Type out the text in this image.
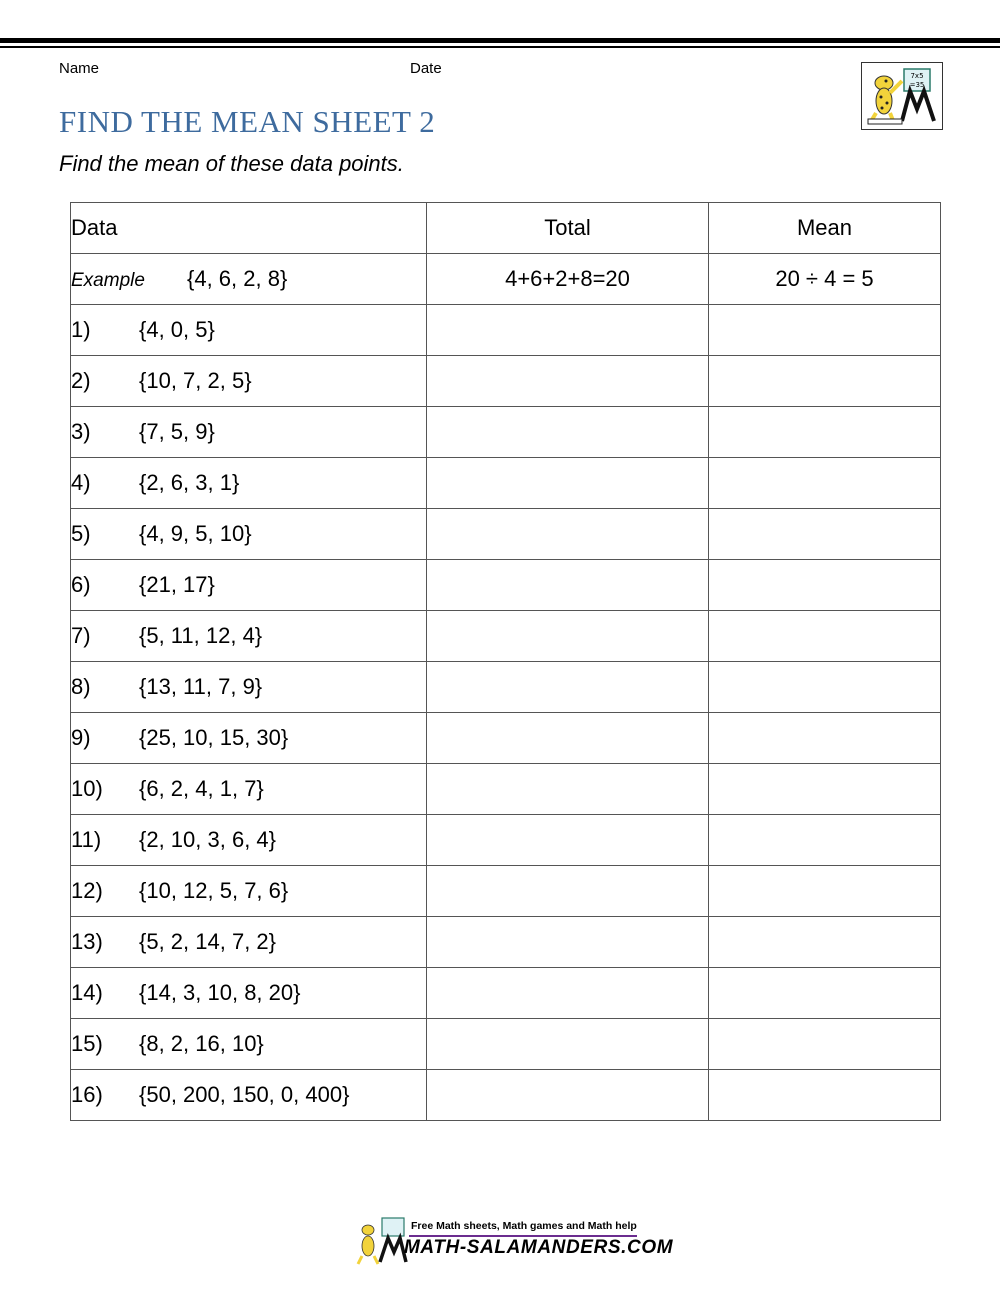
Name	Date	7x5
=35
FIND THE MEAN SHEET 2
Find the mean of these data points.
Data	Total	Mean
Example {4, 6, 2, 8}	4+6+2+8=20	20 ÷ 4 = 5
1) {4, 0, 5}		
2) {10, 7, 2, 5}		
3) {7, 5, 9}		
4) {2, 6, 3, 1}		
5) {4, 9, 5, 10}		
6) {21, 17}		
7) {5, 11, 12, 4}		
8) {13, 11, 7, 9}		
9) {25, 10, 15, 30}		
10) {6, 2, 4, 1, 7}		
11) {2, 10, 3, 6, 4}		
12) {10, 12, 5, 7, 6}		
13) {5, 2, 14, 7, 2}		
14) {14, 3, 10, 8, 20}		
15) {8, 2, 16, 10}		
16) {50, 200, 150, 0, 400}		
Free Math sheets, Math games and Math help
MATH-SALAMANDERS.COM
